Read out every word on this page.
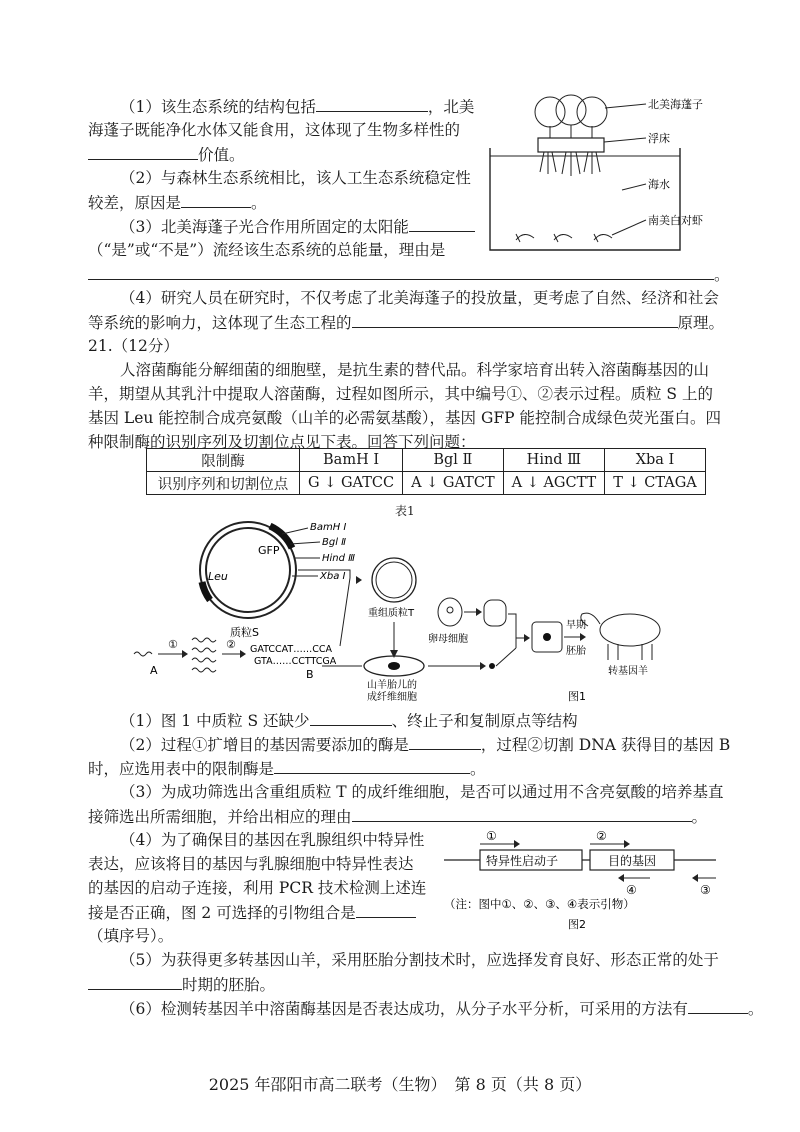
（1）该生态系统的结构包括	，北美
海蓬子既能净化水体又能食用，这体现了生物多样性的
价值。
（2）与森林生态系统相比，该人工生态系统稳定性
较差，原因是	。
（3）北美海蓬子光合作用所固定的太阳能
（“是”或“不是”）流经该生态系统的总能量，理由是
。
（4）研究人员在研究时，不仅考虑了北美海蓬子的投放量，更考虑了自然、经济和社会
等系统的影响力，这体现了生态工程的	原理。
北美海蓬子
浮床
海水
南美白对虾
21.（12分）
人溶菌酶能分解细菌的细胞壁，是抗生素的替代品。科学家培育出转入溶菌酶基因的山
羊，期望从其乳汁中提取人溶菌酶，过程如图所示，其中编号①、②表示过程。质粒 S 上的
基因 Leu 能控制合成亮氨酸（山羊的必需氨基酸），基因 GFP 能控制合成绿色荧光蛋白。四
种限制酶的识别序列及切割位点见下表。回答下列问题：
限制酶	BamH Ⅰ	Bgl Ⅱ	Hind Ⅲ	Xba Ⅰ
识别序列和切割位点	G ↓ GATCC	A ↓ GATCT	A ↓ AGCTT	T ↓ CTAGA
表1
GFP
Leu
BamH Ⅰ
Bgl Ⅱ
Hind Ⅲ
Xba Ⅰ
质粒S
重组质粒T
山羊胎儿的
成纤维细胞
卵母细胞
早期
胚胎
转基因羊
A
①	② GATCCAT……CCA
GTA……CCTTCGA
B
图1
（1）图 1 中质粒 S 还缺少	、终止子和复制原点等结构
（2）过程①扩增目的基因需要添加的酶是	，过程②切割 DNA 获得目的基因 B
时，应选用表中的限制酶是	。
（3）为成功筛选出含重组质粒 T 的成纤维细胞，是否可以通过用不含亮氨酸的培养基直
接筛选出所需细胞，并给出相应的理由	。
（4）为了确保目的基因在乳腺组织中特异性
表达，应该将目的基因与乳腺细胞中特异性表达
的基因的启动子连接，利用 PCR 技术检测上述连
接是否正确，图 2 可选择的引物组合是
（填序号）。
特异性启动子	目的基因
①	②
③
④
（注：图中①、②、③、④表示引物）
图2
（5）为获得更多转基因山羊，采用胚胎分割技术时，应选择发育良好、形态正常的处于
时期的胚胎。
（6）检测转基因羊中溶菌酶基因是否表达成功，从分子水平分析，可采用的方法有	。
2025 年邵阳市高二联考（生物）　第 8 页（共 8 页）
